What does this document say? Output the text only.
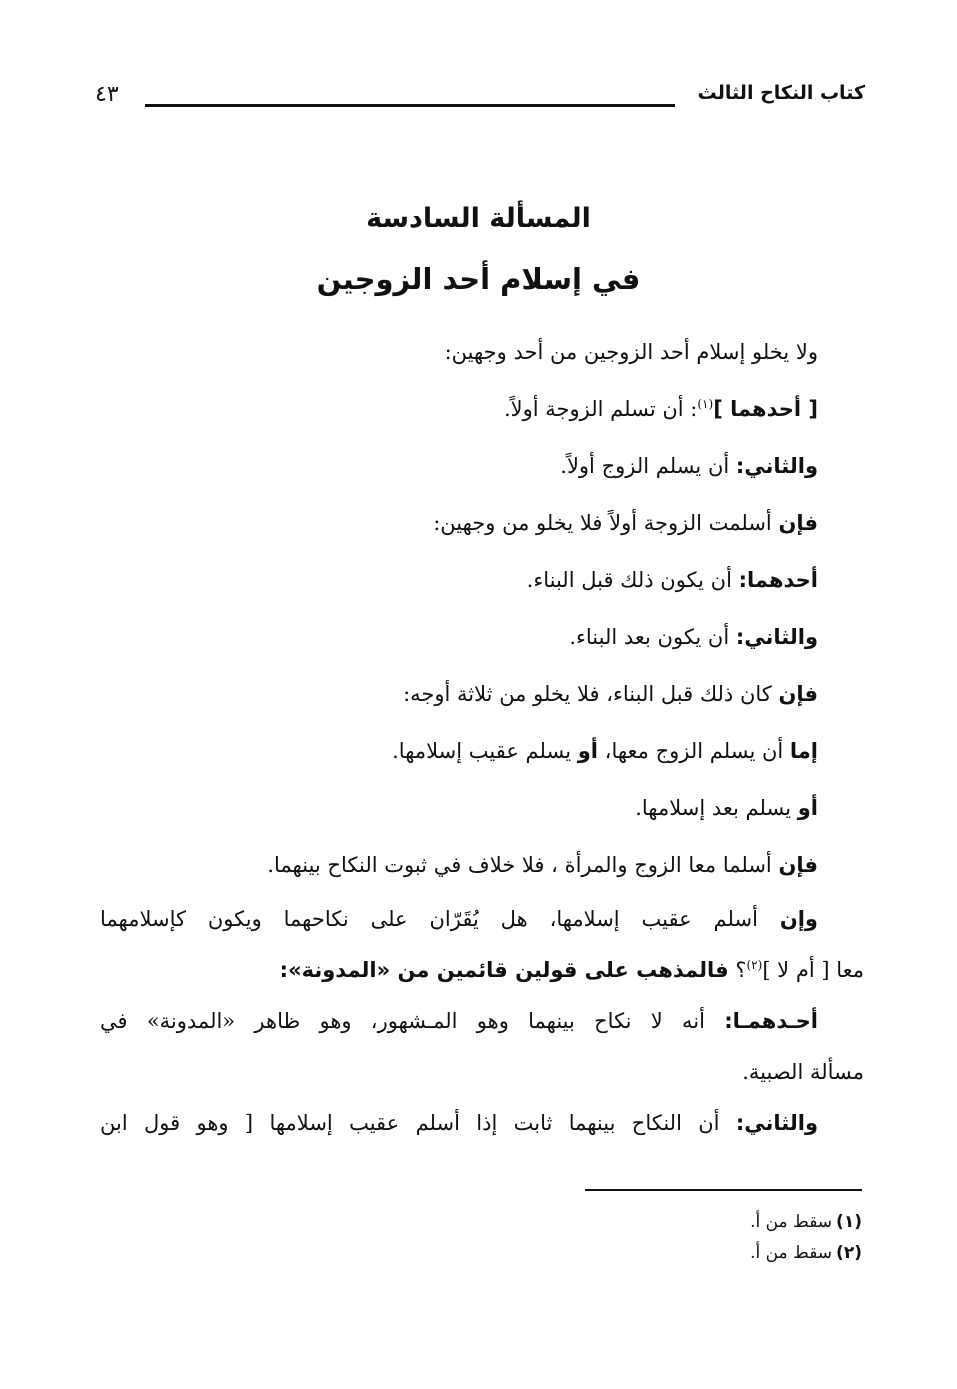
كتاب النكاح الثالث
٤٣
المسألة السادسة
في إسلام أحد الزوجين

ولا يخلو إسلام أحد الزوجين من أحد وجهين:

[ أحدهما ]$^{(١)}$: أن تسلم الزوجة أولاً.

والثاني: أن يسلم الزوج أولاً.

فإن أسلمت الزوجة أولاً فلا يخلو من وجهين:

أحدهما: أن يكون ذلك قبل البناء.

والثاني: أن يكون بعد البناء.

فإن كان ذلك قبل البناء، فلا يخلو من ثلاثة أوجه:

إما أن يسلم الزوج معها، أو يسلم عقيب إسلامها.

أو يسلم بعد إسلامها.

فإن أسلما معا الزوج والمرأة ، فلا خلاف في ثبوت النكاح بينهما.

وإن أسلم عقيب إسلامها، هل يُقَرّان على نكاحهما ويكون كإسلامهما
معا [ أم لا ]$^{(٢)}$؟ فالمذهب على قولين قائمين من «المدونة»:

أحـدهمـا: أنه لا نكاح بينهما وهو المـشهور، وهو ظاهر «المدونة» في
مسألة الصبية.

والثاني: أن النكاح بينهما ثابت إذا أسلم عقيب إسلامها [ وهو قول ابن

(١)سقط من أ.

(٢)سقط من أ.
